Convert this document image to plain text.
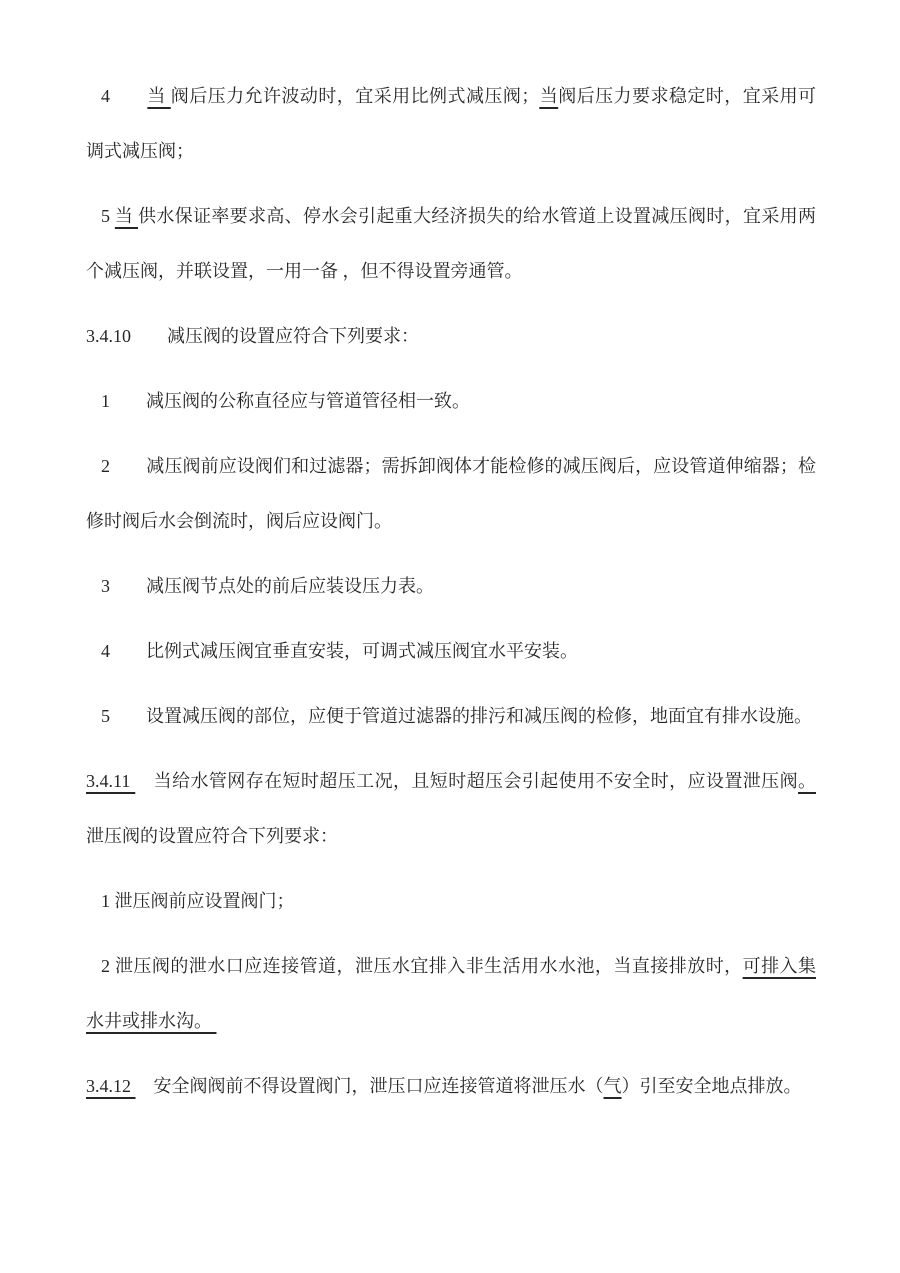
4　　当 阀后压力允许波动时，宜采用比例式减压阀；当阀后压力要求稳定时，宜采用可调式减压阀；

5 当 供水保证率要求高、停水会引起重大经济损失的给水管道上设置减压阀时，宜采用两个减压阀，并联设置，一用一备 ，但不得设置旁通管。

3.4.10　　减压阀的设置应符合下列要求：

1　　减压阀的公称直径应与管道管径相一致。

2　　减压阀前应设阀们和过滤器；需拆卸阀体才能检修的减压阀后，应设管道伸缩器；检修时阀后水会倒流时，阀后应设阀门。

3　　减压阀节点处的前后应装设压力表。

4　　比例式减压阀宜垂直安装，可调式减压阀宜水平安装。

5　　设置减压阀的部位，应便于管道过滤器的排污和减压阀的检修，地面宜有排水设施。

3.4.11 　当给水管网存在短时超压工况，且短时超压会引起使用不安全时，应设置泄压阀。泄压阀的设置应符合下列要求：

1 泄压阀前应设置阀门；

2 泄压阀的泄水口应连接管道，泄压水宜排入非生活用水水池，当直接排放时，可排入集水井或排水沟。

3.4.12 　安全阀阀前不得设置阀门，泄压口应连接管道将泄压水（气）引至安全地点排放。
